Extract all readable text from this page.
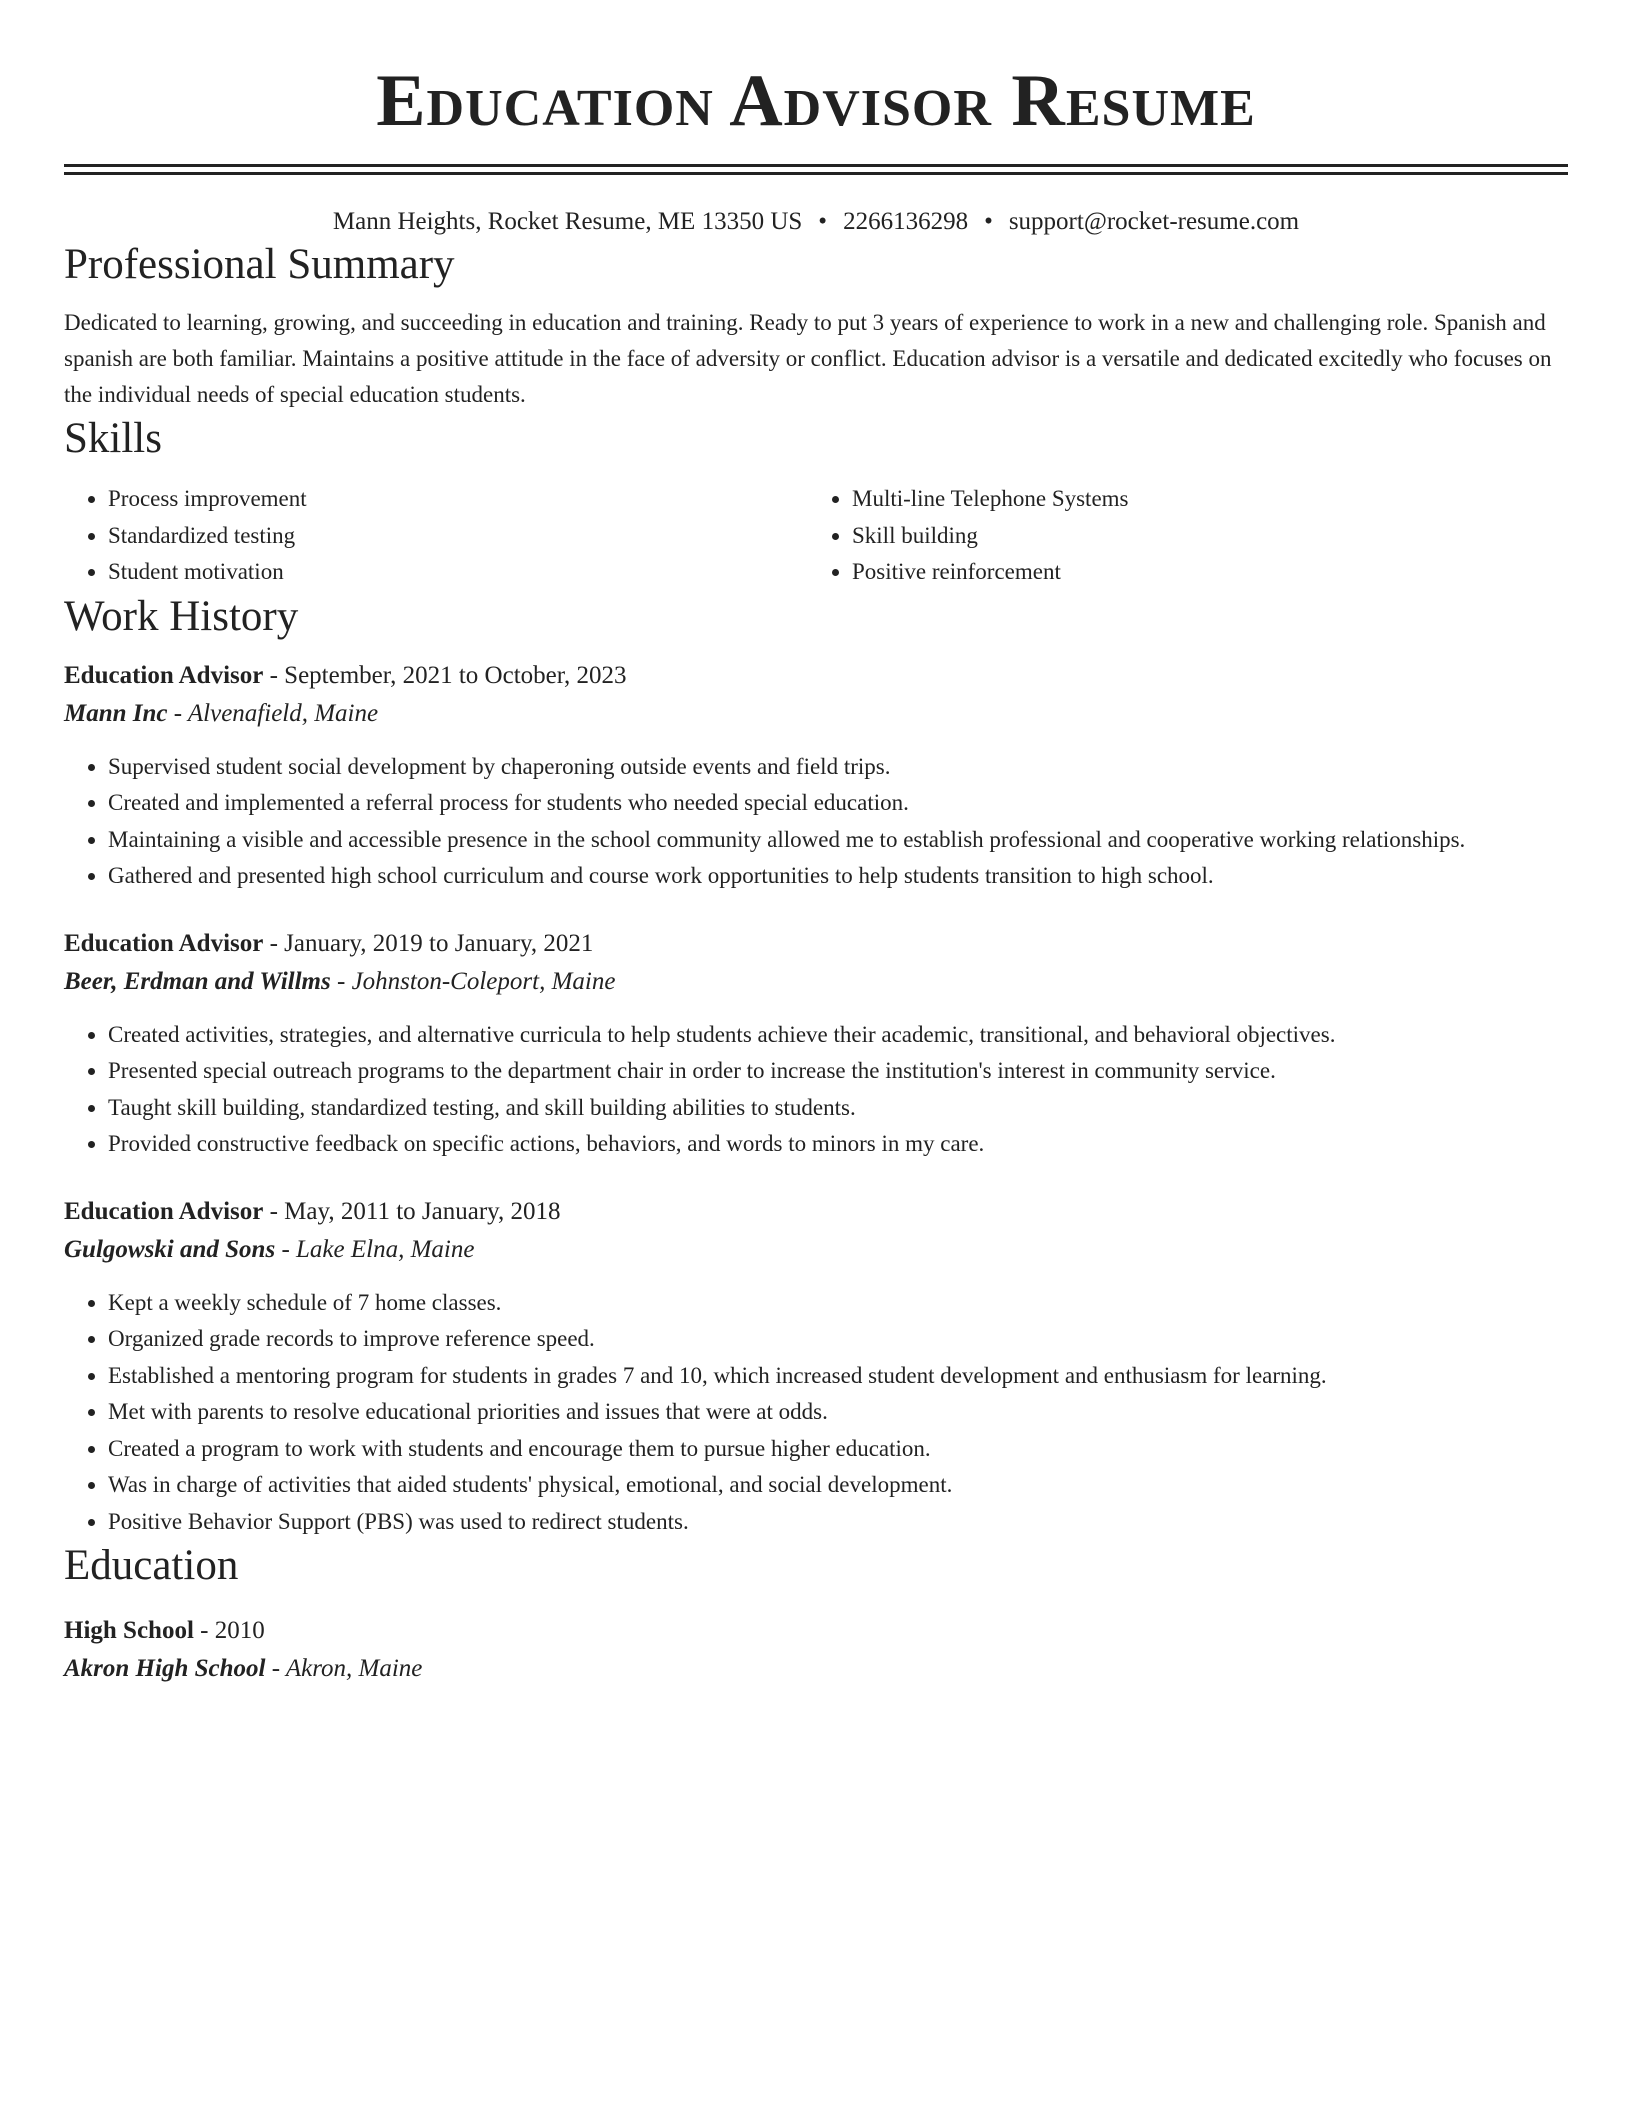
Education Advisor Resume
Mann Heights, Rocket Resume, ME 13350 US • 2266136298 • support@rocket-resume.com
Professional Summary

Dedicated to learning, growing, and succeeding in education and training. Ready to put 3 years of experience to work in a new and challenging role. Spanish and spanish are both familiar. Maintains a positive attitude in the face of adversity or conflict. Education advisor is a versatile and dedicated excitedly who focuses on the individual needs of special education students.

Skills
• Process improvement
• Standardized testing
• Student motivation
• Multi-line Telephone Systems
• Skill building
• Positive reinforcement
Work History
Education Advisor - September, 2021 to October, 2023
Mann Inc - Alvenafield, Maine
• Supervised student social development by chaperoning outside events and field trips.
• Created and implemented a referral process for students who needed special education.
• Maintaining a visible and accessible presence in the school community allowed me to establish professional and cooperative working relationships.
• Gathered and presented high school curriculum and course work opportunities to help students transition to high school.
Education Advisor - January, 2019 to January, 2021
Beer, Erdman and Willms - Johnston-Coleport, Maine
• Created activities, strategies, and alternative curricula to help students achieve their academic, transitional, and behavioral objectives.
• Presented special outreach programs to the department chair in order to increase the institution's interest in community service.
• Taught skill building, standardized testing, and skill building abilities to students.
• Provided constructive feedback on specific actions, behaviors, and words to minors in my care.
Education Advisor - May, 2011 to January, 2018
Gulgowski and Sons - Lake Elna, Maine
• Kept a weekly schedule of 7 home classes.
• Organized grade records to improve reference speed.
• Established a mentoring program for students in grades 7 and 10, which increased student development and enthusiasm for learning.
• Met with parents to resolve educational priorities and issues that were at odds.
• Created a program to work with students and encourage them to pursue higher education.
• Was in charge of activities that aided students' physical, emotional, and social development.
• Positive Behavior Support (PBS) was used to redirect students.
Education
High School - 2010
Akron High School - Akron, Maine
